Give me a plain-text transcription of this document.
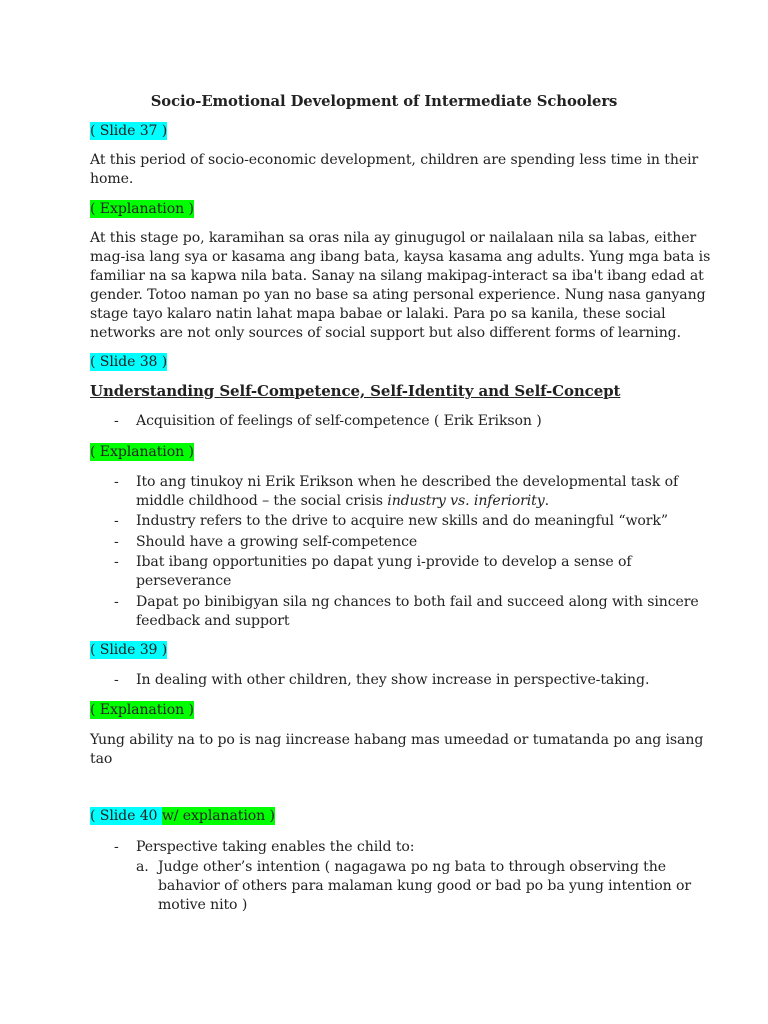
Socio-Emotional Development of Intermediate Schoolers

( Slide 37 )

At this period of socio-economic development, children are spending less time in their

home.

( Explanation )

At this stage po, karamihan sa oras nila ay ginugugol or nailalaan nila sa labas, either

mag-isa lang sya or kasama ang ibang bata, kaysa kasama ang adults. Yung mga bata is

familiar na sa kapwa nila bata. Sanay na silang makipag-interact sa iba't ibang edad at

gender. Totoo naman po yan no base sa ating personal experience. Nung nasa ganyang

stage tayo kalaro natin lahat mapa babae or lalaki. Para po sa kanila, these social

networks are not only sources of social support but also different forms of learning.

( Slide 38 )

Understanding Self-Competence, Self-Identity and Self-Concept

- Acquisition of feelings of self-competence ( Erik Erikson )

( Explanation )

- Ito ang tinukoy ni Erik Erikson when he described the developmental task of

middle childhood – the social crisis industry vs. inferiority.

- Industry refers to the drive to acquire new skills and do meaningful “work”

- Should have a growing self-competence

- Ibat ibang opportunities po dapat yung i-provide to develop a sense of

perseverance

- Dapat po binibigyan sila ng chances to both fail and succeed along with sincere

feedback and support

( Slide 39 )

- In dealing with other children, they show increase in perspective-taking.

( Explanation )

Yung ability na to po is nag iincrease habang mas umeedad or tumatanda po ang isang

tao

( Slide 40 w/ explanation )

- Perspective taking enables the child to:

a. Judge other’s intention ( nagagawa po ng bata to through observing the

bahavior of others para malaman kung good or bad po ba yung intention or

motive nito )
